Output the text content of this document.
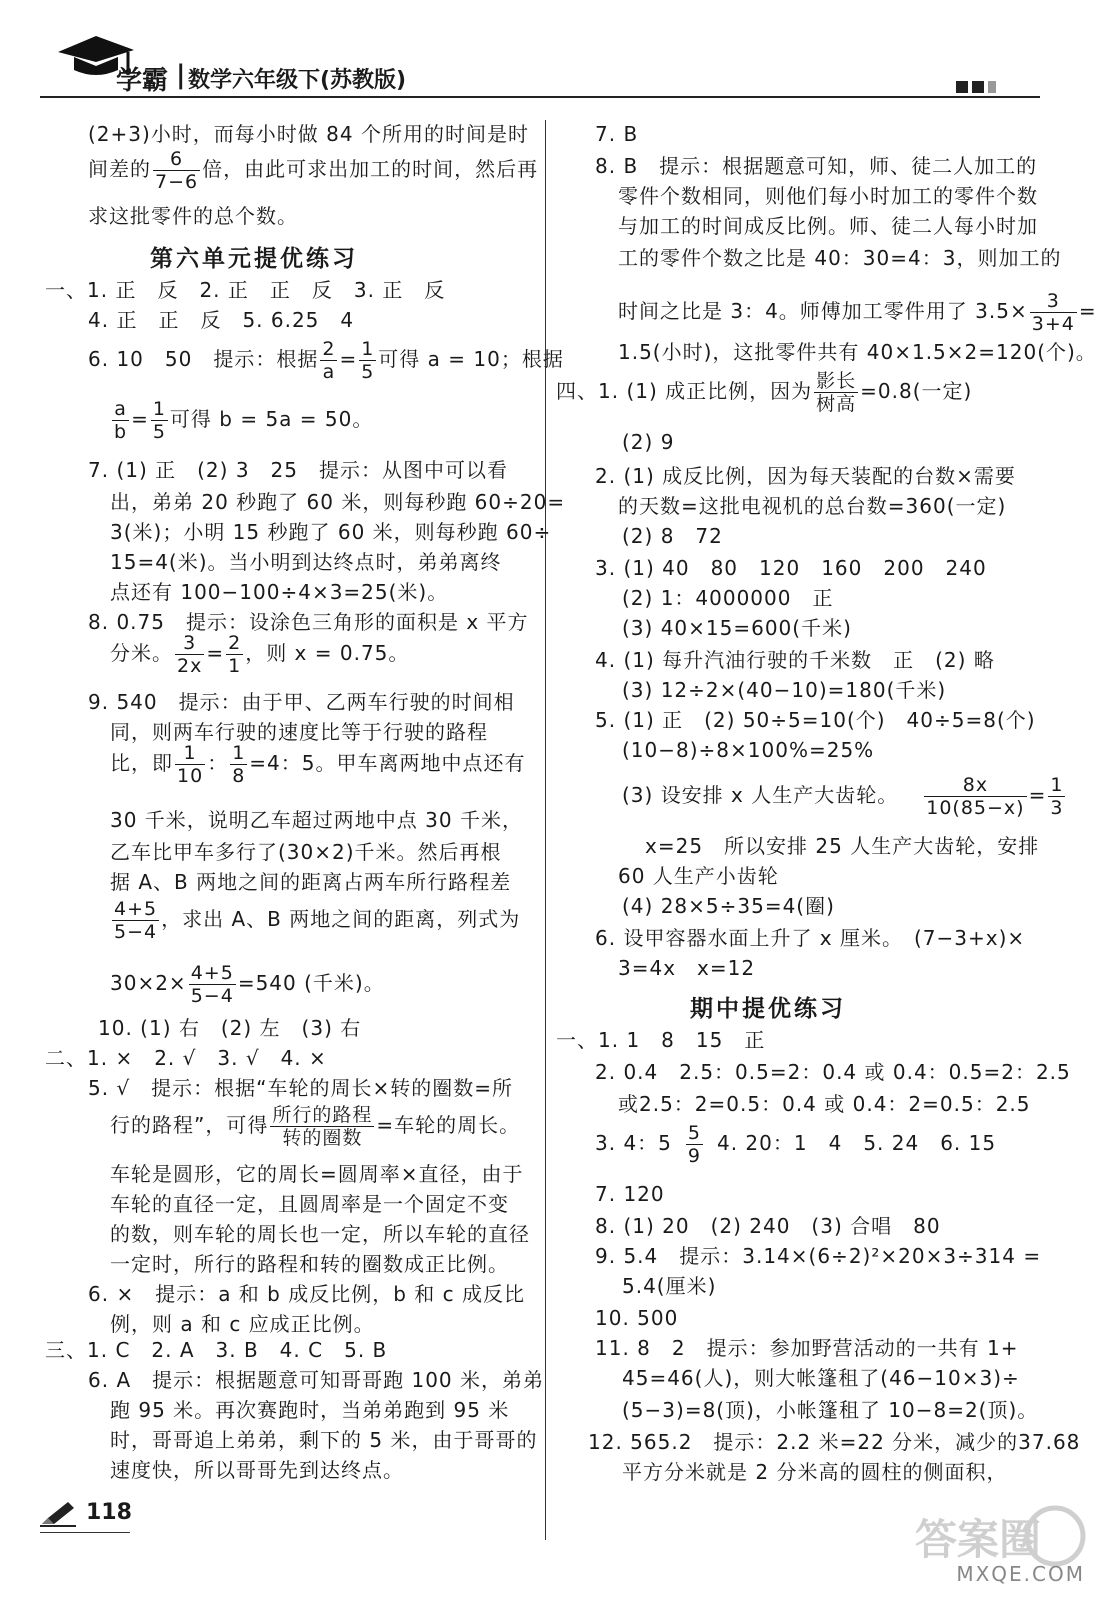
学霸 | 数学六年级下(苏教版)
(2+3)小时，而每小时做 84 个所用的时间是时
间差的 $\frac{6}{7-6}$ 倍，由此可求出加工的时间，然后再
求这批零件的总个数。
第六单元提优练习
一、1. 正　反　2. 正　正　反　3. 正　反
4. 正　正　反　5. 6.25　4
6. 10　50　提示：根据 $\frac{2}{a} = \frac{1}{5}$ 可得 a = 10；根据
$\frac{a}{b} = \frac{1}{5}$ 可得 b = 5a = 50。
7. (1) 正　(2) 3　25　提示：从图中可以看
出，弟弟 20 秒跑了 60 米，则每秒跑 60÷20=
3(米)；小明 15 秒跑了 60 米，则每秒跑 60÷
15=4(米)。当小明到达终点时，弟弟离终
点还有 100−100÷4×3=25(米)。
8. 0.75　提示：设涂色三角形的面积是 x 平方
分米。 $\frac{3}{2x} = \frac{2}{1}$ ，则 x = 0.75。
9. 540　提示：由于甲、乙两车行驶的时间相
同，则两车行驶的速度比等于行驶的路程
比，即 $\frac{1}{10}$ ： $\frac{1}{8} =4$：5。甲车离两地中点还有
30 千米，说明乙车超过两地中点 30 千米，
乙车比甲车多行了(30×2)千米。然后再根
据 A、B 两地之间的距离占两车所行路程差
$\frac{4+5}{5-4}$ ，求出 A、B 两地之间的距离，列式为
$30\times 2\times \frac{4+5}{5-4} =540$ (千米)。
10. (1) 右　(2) 左　(3) 右
二、1. ×　2. √　3. √　4. ×
5. √　提示：根据“车轮的周长×转的圈数=所
行的路程”，可得 $\frac{\text{所行的路程}}{\text{转的圈数}}$ =车轮的周长。
车轮是圆形，它的周长=圆周率×直径，由于
车轮的直径一定，且圆周率是一个固定不变
的数，则车轮的周长也一定，所以车轮的直径
一定时，所行的路程和转的圈数成正比例。
6. ×　提示：a 和 b 成反比例，b 和 c 成反比
例，则 a 和 c 应成正比例。
三、1. C　2. A　3. B　4. C　5. B
6. A　提示：根据题意可知哥哥跑 100 米，弟弟
跑 95 米。再次赛跑时，当弟弟跑到 95 米
时，哥哥追上弟弟，剩下的 5 米，由于哥哥的
速度快，所以哥哥先到达终点。
7. B
8. B　提示：根据题意可知，师、徒二人加工的
零件个数相同，则他们每小时加工的零件个数
与加工的时间成反比例。师、徒二人每小时加
工的零件个数之比是 40：30=4：3，则加工的
时间之比是 3：4。师傅加工零件用了 $3.5\times \frac{3}{3+4}$ =
1.5(小时)，这批零件共有 40×1.5×2=120(个)。
四、1. (1) 成正比例，因为 $\frac{\text{影长}}{\text{树高}} =0.8$(一定)
(2) 9
2. (1) 成反比例，因为每天装配的台数×需要
的天数=这批电视机的总台数=360(一定)
(2) 8　72
3. (1) 40　80　120　160　200　240
(2) 1：4000000　正
(3) 40×15=600(千米)
4. (1) 每升汽油行驶的千米数　正　(2) 略
(3) 12÷2×(40−10)=180(千米)
5. (1) 正　(2) 50÷5=10(个)　40÷5=8(个)
(10−8)÷8×100%=25%
(3) 设安排 x 人生产大齿轮。 $\frac{8x}{10(85-x)} = \frac{1}{3}$
x=25　所以安排 25 人生产大齿轮，安排
60 人生产小齿轮
(4) 28×5÷35=4(圈)
6. 设甲容器水面上升了 x 厘米。　(7−3+x)×
3=4x　x=12
期中提优练习
一、1. 1　8　15　正
2. 0.4　2.5：0.5=2：0.4 或 0.4：0.5=2：2.5
或2.5：2=0.5：0.4 或 0.4：2=0.5：2.5
3. 4：$5 \frac{5}{9} 4$. 20：1　4　5. 24　6. 15
7. 120
8. (1) 20　(2) 240　(3) 合唱　80
9. 5.4　提示：3.14×(6÷2)²×20×3÷314 =
5.4(厘米)
10. 500
11. 8　2　提示：参加野营活动的一共有 1+
45=46(人)，则大帐篷租了(46−10×3)÷
(5−3)=8(顶)，小帐篷租了 10−8=2(顶)。
12. 565.2　提示：2.2 米=22 分米，减少的37.68
平方分米就是 2 分米高的圆柱的侧面积，
118
答案圈
MXQE.COM
